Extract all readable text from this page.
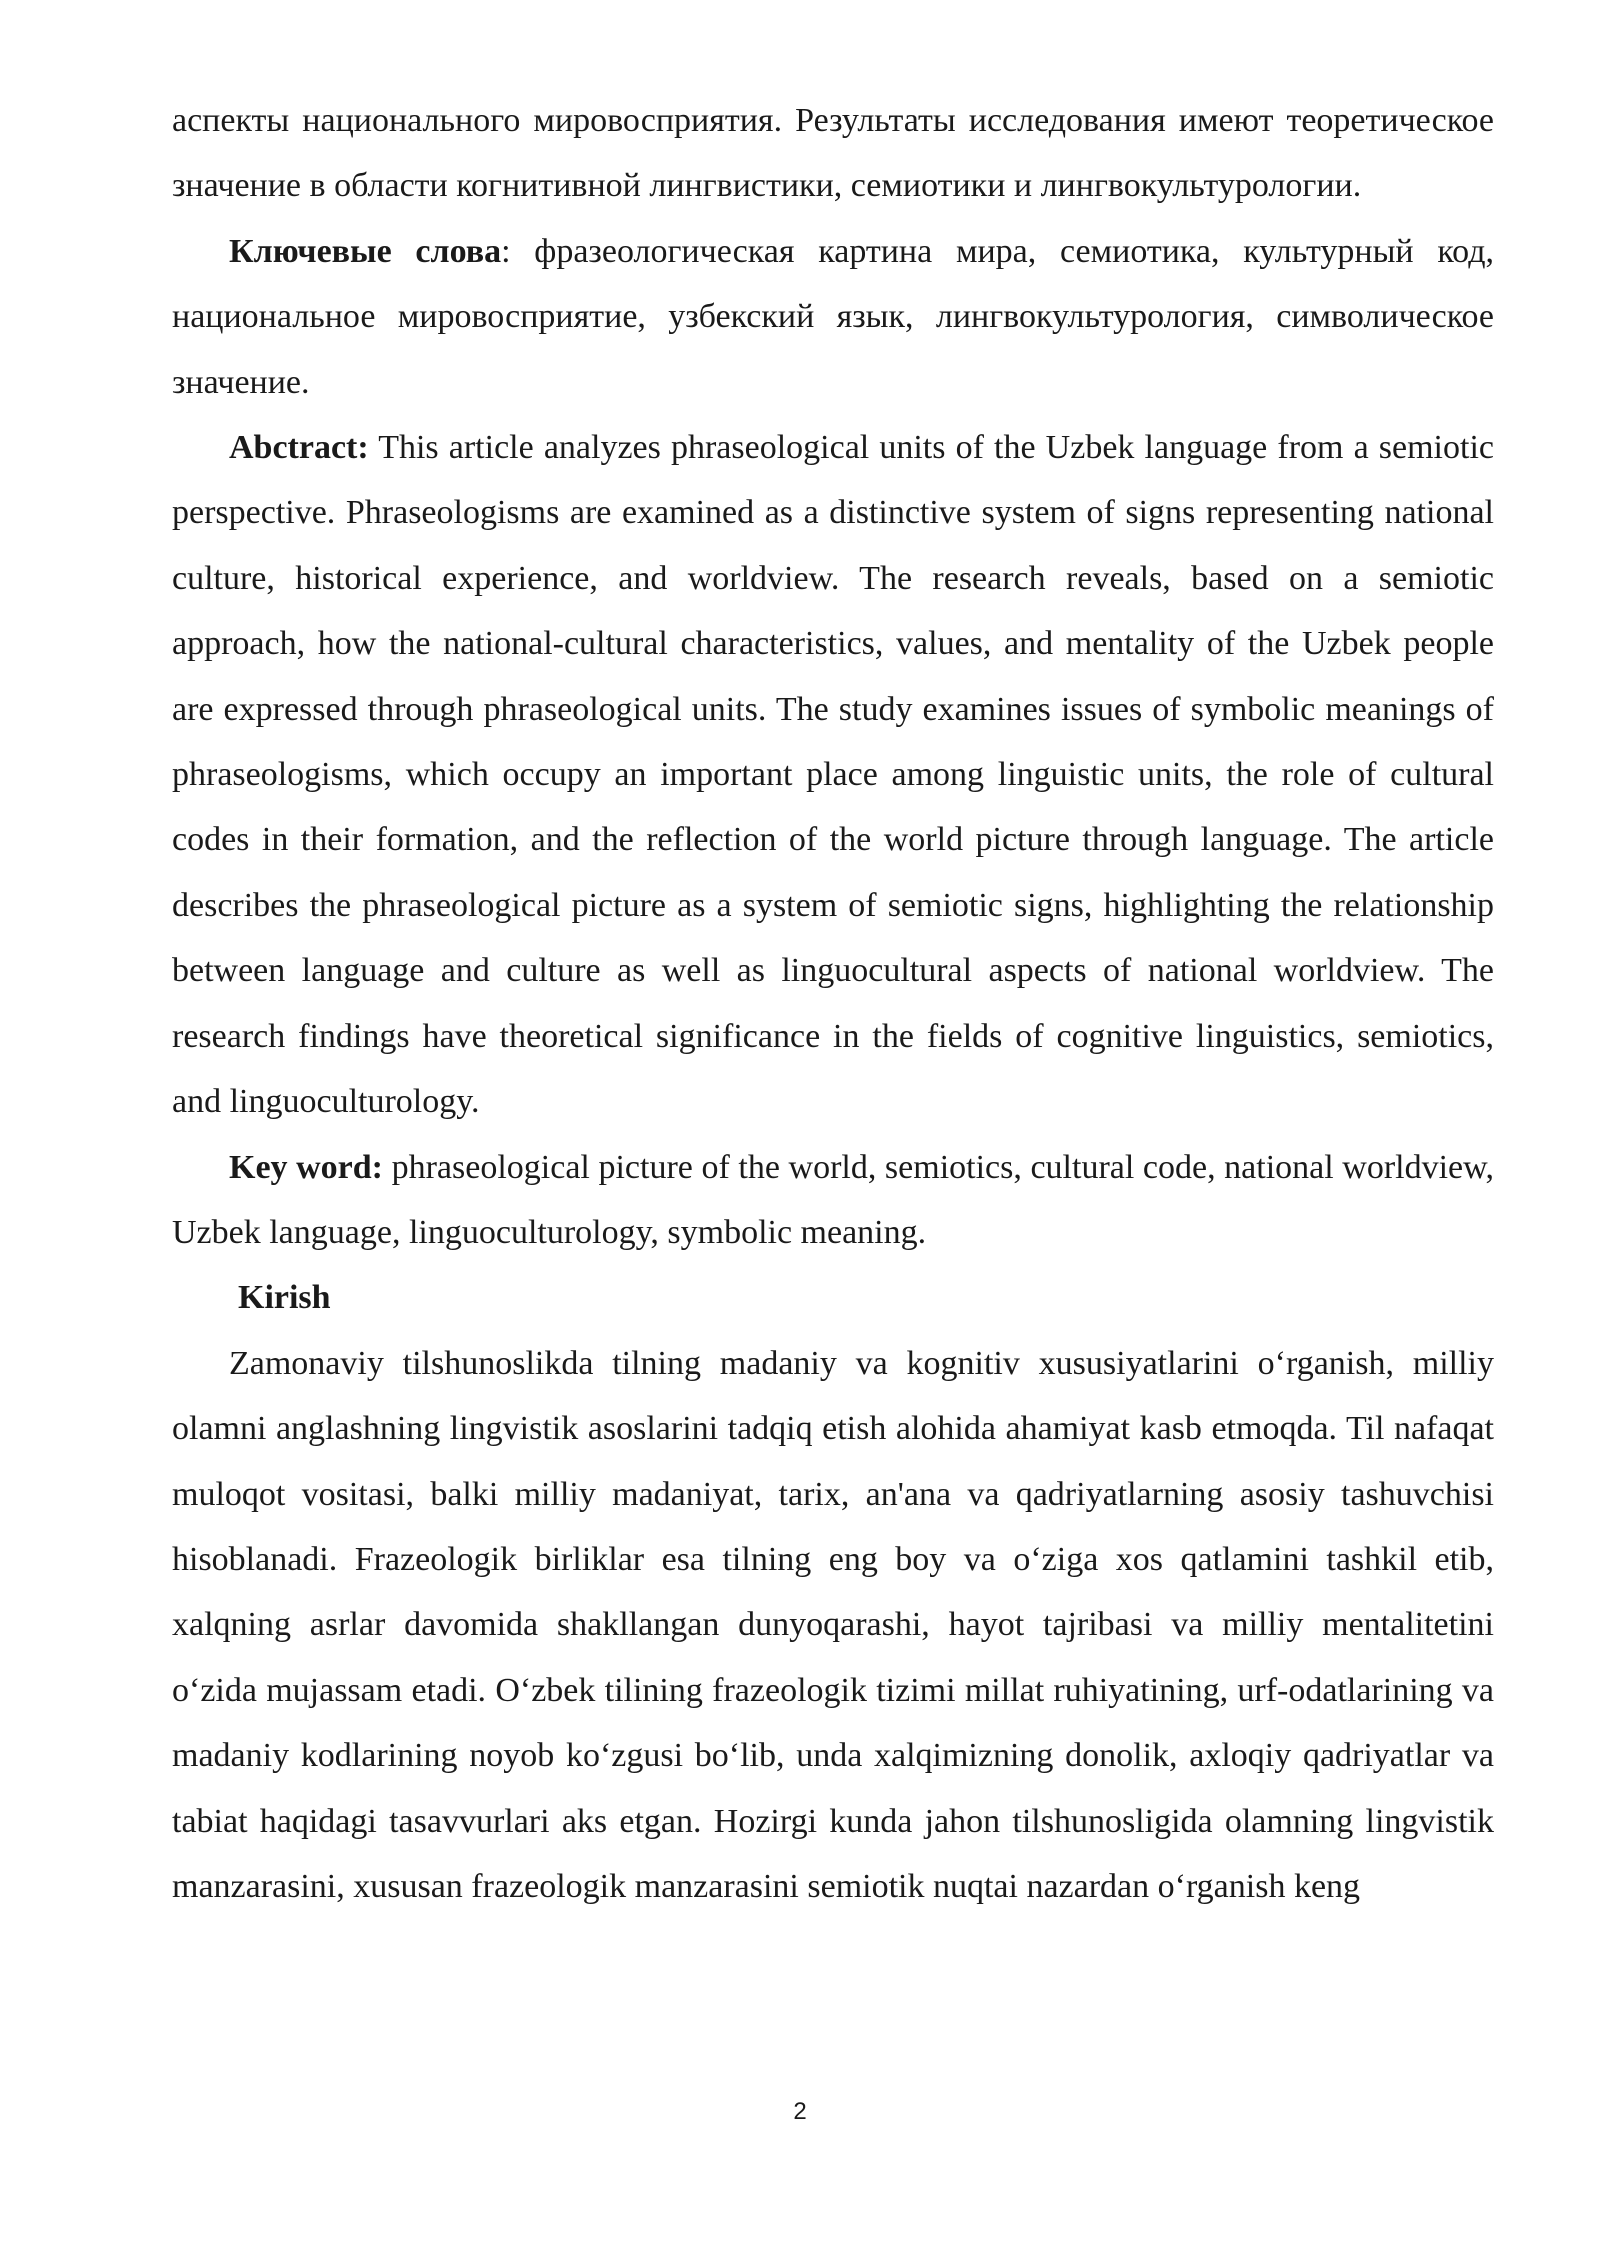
аспекты национального мировосприятия. Результаты исследования имеют теоретическое значение в области когнитивной лингвистики, семиотики и лингвокультурологии.

Ключевые слова: фразеологическая картина мира, семиотика, культурный код, национальное мировосприятие, узбекский язык, лингвокультурология, символическое значение.

Abctract: This article analyzes phraseological units of the Uzbek language from a semiotic perspective. Phraseologisms are examined as a distinctive system of signs representing national culture, historical experience, and worldview. The research reveals, based on a semiotic approach, how the national-cultural characteristics, values, and mentality of the Uzbek people are expressed through phraseological units. The study examines issues of symbolic meanings of phraseologisms, which occupy an important place among linguistic units, the role of cultural codes in their formation, and the reflection of the world picture through language. The article describes the phraseological picture as a system of semiotic signs, highlighting the relationship between language and culture as well as linguocultural aspects of national worldview. The research findings have theoretical significance in the fields of cognitive linguistics, semiotics, and linguoculturology.

Key word: phraseological picture of the world, semiotics, cultural code, national worldview, Uzbek language, linguoculturology, symbolic meaning.

Kirish

Zamonaviy tilshunoslikda tilning madaniy va kognitiv xususiyatlarini oʻrganish, milliy olamni anglashning lingvistik asoslarini tadqiq etish alohida ahamiyat kasb etmoqda. Til nafaqat muloqot vositasi, balki milliy madaniyat, tarix, an'ana va qadriyatlarning asosiy tashuvchisi hisoblanadi. Frazeologik birliklar esa tilning eng boy va oʻziga xos qatlamini tashkil etib, xalqning asrlar davomida shakllangan dunyoqarashi, hayot tajribasi va milliy mentalitetini oʻzida mujassam etadi. Oʻzbek tilining frazeologik tizimi millat ruhiyatining, urf-odatlarining va madaniy kodlarining noyob koʻzgusi boʻlib, unda xalqimizning donolik, axloqiy qadriyatlar va tabiat haqidagi tasavvurlari aks etgan. Hozirgi kunda jahon tilshunosligida olamning lingvistik manzarasini, xususan frazeologik manzarasini semiotik nuqtai nazardan oʻrganish keng

2
